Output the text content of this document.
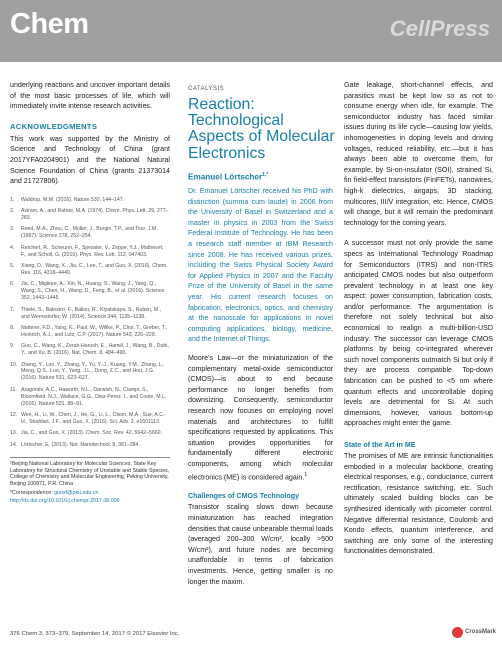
Chem	CellPress

underlying reactions and uncover important details of the most basic processes of life, which will immediately invite intense research activities.

ACKNOWLEDGMENTS

This work was supported by the Ministry of Science and Technology of China (grant 2017YFA0204901) and the National Natural Science Foundation of China (grants 21373014 and 21727806).

1. Waldrop, M.M. (2016). Nature 530, 144–147.
2. Aviram, A., and Ratner, M.A. (1974). Chem. Phys. Lett. 29, 277–283.
3. Reed, M.A., Zhou, C., Muller, J., Burgin, T.P., and Tour, J.M. (1997). Science 278, 252–254.
4. Reichert, R., Scheurer, F., Spessler, V., Zeppe, Y.J., Mathevet, F., and Scholl, G. (2016). Phys. Rev. Lett. 112, 047403.
5. Xiang, D., Wang, X., Jia, C., Lee, T., and Guo, X. (2016). Chem. Rev. 116, 4318–4440.
6. Jia, C., Migliore, A., Xin, N., Huang, S., Wang, J., Yang, Q., Wang, S., Chen, H., Wang, D., Feng, B., et al. (2016). Science 352, 1443–1445.
7. Thiele, S., Balestro, F., Ballou, R., Klyatskaya, S., Ruben, M., and Wernsdorfer, W. (2014). Science 344, 1135–1138.
8. Natterer, F.D., Yang, K., Paul, W., Willke, P., Choi, T., Greber, T., Heinrich, A.J., and Lutz, C.P. (2017). Nature 543, 226–228.
9. Guo, C., Wang, K., Zerah-Harush, E., Hamill, J., Wang, B., Dubi, Y., and Xu, B. (2016). Nat. Chem. 8, 484–490.
10. Zhang, Y., Luo, Y., Zhang, Y., Yu, Y.-J., Kuang, Y.M., Zhang, L., Meng, Q.S., Luo, Y., Yang, J.L., Dong, Z.C., and Hou, J.G. (2016). Nature 531, 623–627.
11. Aragonès, A.C., Haworth, N.L., Darwish, N., Ciampi, S., Bloomfield, N.J., Wallace, G.G., Diez-Perez, I., and Coote, M.L. (2016). Nature 531, 88–91.
12. Wen, H., Li, W., Chen, J., He, G., Li, L., Olson, M.A., Sue, A.C.-H., Stoddart, J.F., and Guo, X. (2016). Sci. Adv. 2, e1601113.
13. Jia, C., and Guo, X. (2013). Chem. Soc. Rev. 42, 5642–5660.
14. Lörtscher, E. (2013). Nat. Nanotechnol. 8, 381–384.

¹Beijing National Laboratory for Molecular Sciences, State Key Laboratory for Structural Chemistry of Unstable and Stable Species, College of Chemistry and Molecular Engineering, Peking University, Beijing 100871, P.R. China

*Correspondence: guoxf@pku.edu.cn

http://dx.doi.org/10.1016/j.chempr.2017.08.006

CATALYSIS
Reaction: Technological Aspects of Molecular Electronics
Emanuel Lörtscher$^{1,*}$

Dr. Emanuel Lörtscher received his PhD with distinction (summa cum laude) in 2006 from the University of Basel in Switzerland and a master in physics in 2003 from the Swiss Federal Institute of Technology. He has been a research staff member at IBM Research since 2008. He has received various prizes, including the Swiss Physical Society Award for Applied Physics in 2007 and the Faculty Prize of the University of Basel in the same year. His current research focuses on fabrication, electronics, optics, and chemistry at the nanoscale for applications in novel computing applications, biology, medicine, and the Internet of Things.

Moore's Law—or the miniaturization of the complementary metal-oxide semiconductor (CMOS)—is about to end because performance no longer benefits from downsizing. Consequently, semiconductor research now focuses on employing novel materials and architectures to fulfill specifications requested by applications. This situation provides opportunities for fundamentally different electronic components, among which molecular electronics (ME) is considered again.$^1$

Challenges of CMOS Technology

Transistor scaling slows down because miniaturization has reached integration densities that cause unbearable thermal loads (averaged 200–300 W/cm², locally >500 W/cm²), and future nodes are becoming unaffordable in terms of fabrication investments. Hence, getting smaller is no longer the maxim.

Gate leakage, short-channel effects, and parasitics must be kept low so as not to consume energy when idle, for example. The semiconductor industry has faced similar issues during its life cycle—causing low yields, inhomogeneities in doping levels and driving voltages, reduced reliability, etc.—but it has always been able to overcome them, for example, by Si-on-insulator (SOI), strained Si, fin field-effect transistors (FinFETs), nanowires, high-k dielectrics, airgaps, 3D stacking, multicores, III/V integration, etc. Hence, CMOS will change, but it will remain the predominant technology for the coming years.

A successor must not only provide the same specs as International Technology Roadmap for Semiconductors (ITRS) and non-ITRS anticipated CMOS nodes but also outperform prevalent technology in at least one key aspect: power consumption, fabrication costs, and/or performance. The argumentation is therefore not solely technical but also economical to realign a multi-billion-USD industry. The successor can leverage CMOS platforms by being co-integrated wherever such novel components outmatch Si but only if they are process compatible. Top-down fabrication can be pushed to <5 nm where quantum effects and uncontrollable doping levels are detrimental for Si. At such dimensions, however, various bottom-up approaches might enter the game.

State of the Art in ME

The promises of ME are intrinsic functionalities embodied in a molecular backbone, creating electrical responses, e.g., conductance, current rectification, resistance switching, etc. Such ultimately scaled building blocks can be synthesized identically with picometer control. Negative differential resistance, Coulomb and Kondo effects, quantum interference, and switching are only some of the interesting functionalities demonstrated.

376 Chem 3, 373–379, September 14, 2017 © 2017 Elsevier Inc.	CrossMark
